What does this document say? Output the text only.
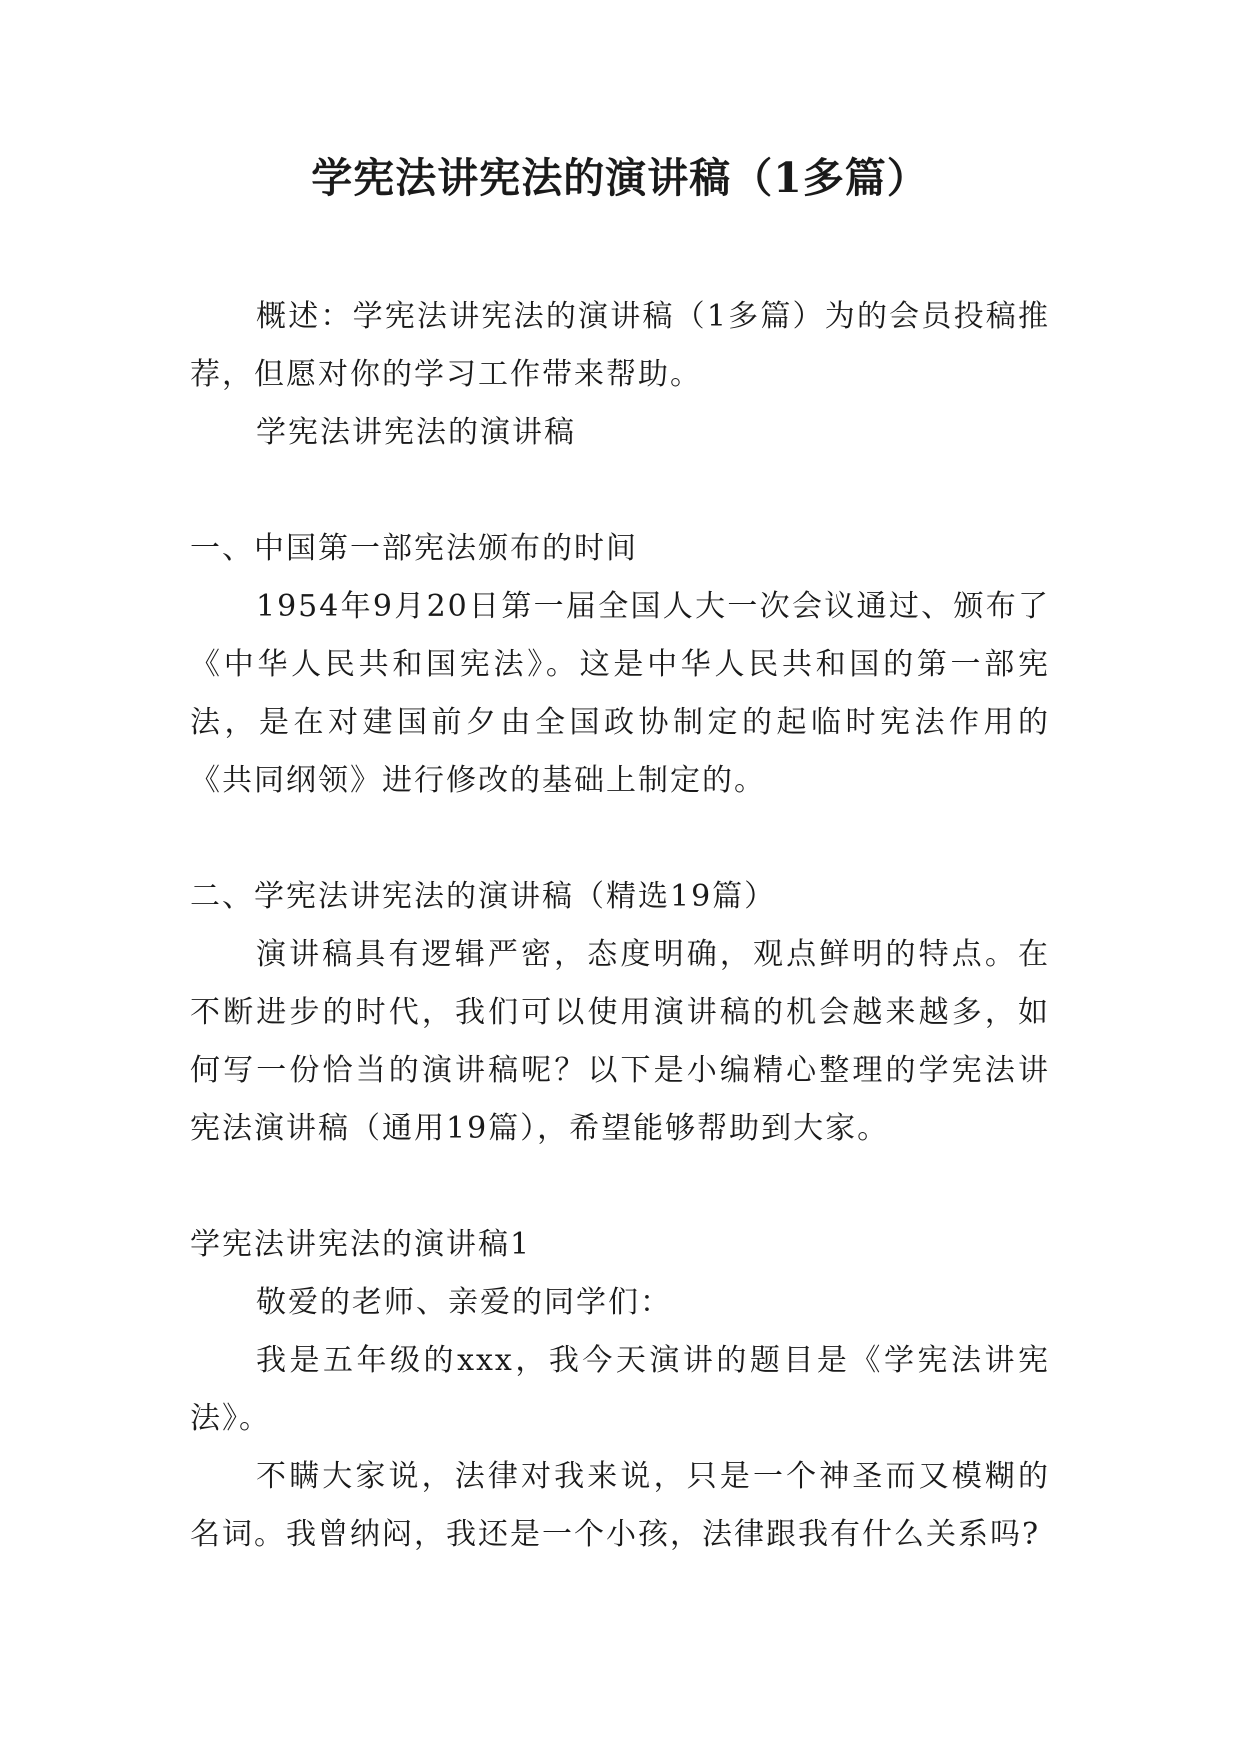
学宪法讲宪法的演讲稿（1多篇）

概述：学宪法讲宪法的演讲稿（1多篇）为的会员投稿推荐，但愿对你的学习工作带来帮助。

学宪法讲宪法的演讲稿

一、中国第一部宪法颁布的时间

1954年9月20日第一届全国人大一次会议通过、颁布了《中华人民共和国宪法》。这是中华人民共和国的第一部宪法，是在对建国前夕由全国政协制定的起临时宪法作用的《共同纲领》进行修改的基础上制定的。

二、学宪法讲宪法的演讲稿（精选19篇）

演讲稿具有逻辑严密，态度明确，观点鲜明的特点。在不断进步的时代，我们可以使用演讲稿的机会越来越多，如何写一份恰当的演讲稿呢？以下是小编精心整理的学宪法讲宪法演讲稿（通用19篇），希望能够帮助到大家。

学宪法讲宪法的演讲稿1

敬爱的老师、亲爱的同学们：

我是五年级的xxx，我今天演讲的题目是《学宪法讲宪法》。

不瞒大家说，法律对我来说，只是一个神圣而又模糊的名词。我曾纳闷，我还是一个小孩，法律跟我有什么关系吗?
